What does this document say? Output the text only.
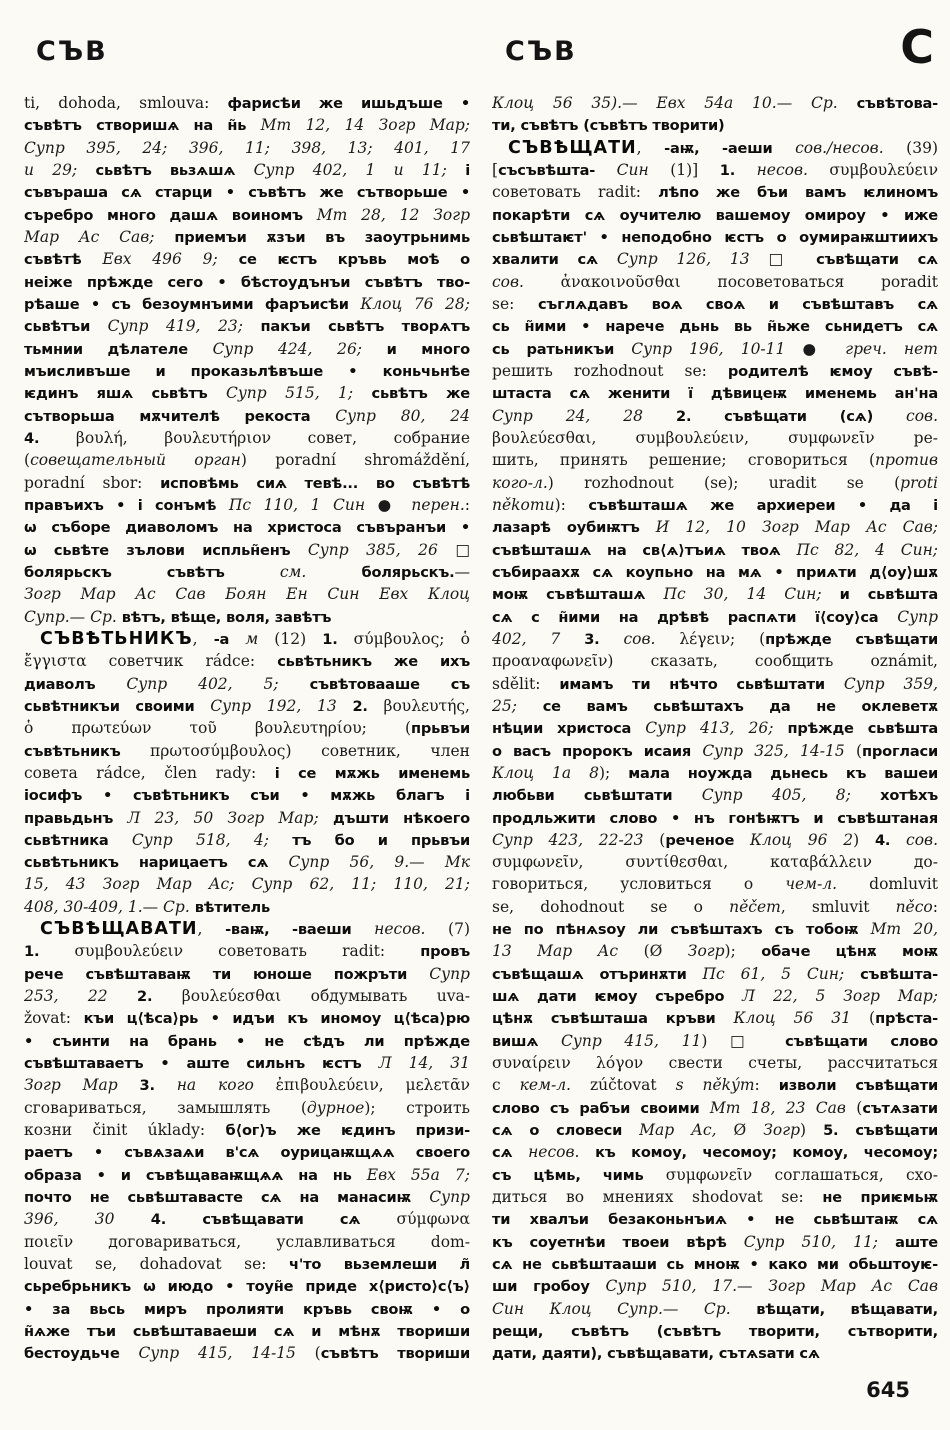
СЪВ	СЪВ	С
ti, dohoda, smlouva: фарисѣи же ишьдъше •
съвѣтъ створишѧ на н̃ь Мт 12, 14 Зогр Мар;
Супр 395, 24; 396, 11; 398, 13; 401, 17
и 29; сьвѣтъ вьзѧшѧ Супр 402, 1 и 11; і
съвъраша сѧ старци • съвѣтъ же сътворьше •
съребро много дашѧ воиномъ Мт 28, 12 Зогр
Мар Ас Сав; приемъи ѫзъи въ заоутрьнимь
съвѣтѣ Евх 496 9; се ѥстъ кръвь моѣ о
неіже прѣжде сего • бѣстоудънъи съвѣтъ тво-
рѣаше • съ безоумнъими фаръисѣи Клоц 76 28;
сьвѣтъи Супр 419, 23; пакъи сьвѣтъ творѧтъ
тьмнии дѣлателе Супр 424, 26; и много
мъисливъше и проказьлѣвъше • коньчьнѣе
ѥдинъ яшѧ сьвѣтъ Супр 515, 1; сьвѣтъ же
сътворьша мѫчителѣ рекоста Супр 80, 24
4. βουλή, βουλευτήριον совет, собрание
(совещательный орган) poradní shromáždění,
poradní sbor: исповѣмь сиѧ тевѣ... во съвѣтѣ
правъихъ • і сонъмѣ Пс 110, 1 Син ● перен.:
ѡ съборе диаволомъ на христоса съвъранъи •
ѡ сьвѣте зълови испльн̃енъ Супр 385, 26 □
болярьскъ съвѣтъ	см.	болярьскъ.—
Зогр Мар Ас Сав Боян Ен Син Евх Клоц
Супр.— Ср. вѣтъ, вѣще, воля, завѣтъ
СЪВѢТЬНИКЪ, -а м (12) 1. σύμβουλος; ὁ
ἔγγιστα советчик rádce: сьвѣтьникъ же ихъ
диаволъ Супр 402, 5; съвѣтовааше съ
сьвѣтникъи своими Супр 192, 13 2. βουλευτής,
ὁ πρωτεύων τοῦ βουλευτηρίου; (прьвъи
съвѣтьникъ πρωτοσύμβουλος) советник, член
совета rádce, člen rady: і се мѫжь именемь
іосифъ • съвѣтьникъ съи • мѫжь благъ і
правьдьнъ Л 23, 50 Зогр Мар; дъшти нѣкоего
сьвѣтника Супр 518, 4; тъ бо и прьвъи
сьвѣтьникъ нарицаетъ сѧ Супр 56, 9.— Мк
15, 43 Зогр Мар Ас; Супр 62, 11; 110, 21;
408, 30-409, 1.— Ср. вѣтитель
СЪВѢЩАВАТИ, -ваѭ, -ваеши несов. (7)
1. συμβουλεύειν советовать radit: провъ
рече съвѣштаваѭ ти юноше пожръти Супр
253, 22 2. βουλεύεσθαι обдумывать uva-
žovat: къи ц⟨ѣса⟩рь • идъи къ иномоу ц⟨ѣса⟩рю
• съинти на брань • не сѣдъ ли прѣжде
съвѣштаваетъ • аште сильнъ ѥстъ Л 14, 31
Зогр Мар 3. на кого ἐπιβουλεύειν, μελετᾶν
сговариваться, замышлять (дурное); строить
козни činit úklady: б⟨ог⟩ъ же ѥдинъ призи-
раетъ • съвѧзаѧи в'сѧ оурицаѭщѧѧ своего
образа • и съвѣщаваѭщѧѧ на нь Евх 55а 7;
почто не сьвѣштавасте сѧ на манасиѭ Супр
396, 30 4. съвѣщавати сѧ σύμφωνα
ποιεῖν договариваться, уславливаться dom-
louvat se, dohadovat se: ч'то вьземлеши л̃
сьребрьникъ ѡ июдо • тоун̃е приде х⟨ристо⟩с⟨ъ⟩
• за вьсь миръ пролияти кръвь своѭ • о
н̃ѧже тъи сьвѣштаваеши сѧ и мѣнѫ твориши
бестоудьче Супр 415, 14-15 (съвѣтъ твориши
Клоц 56 35).— Евх 54а 10.— Ср. съвѣтова-
ти, съвѣтъ (съвѣтъ творити)
СЪВѢЩАТИ, -аѭ, -аеши сов./несов. (39)
[съсъвѣшта- Син (1)] 1. несов. συμβουλεύειν
советовать radit: лѣпо же бъи вамъ ѥлиномъ
покарѣти сѧ оучителю вашемоу омироу • иже
сьвѣштаѥт' • неподобно ѥстъ о оумираѭштиихъ
хвалити сѧ Супр 126, 13 □ съвѣщати сѧ
сов. ἀνακοινοῦσθαι посоветоваться poradit
se: съглѧдавъ воѧ своѧ и съвѣштавъ сѧ
сь н̃ими • нарече дьнь вь н̃ьже сьнидетъ сѧ
сь ратьникъи Супр 196, 10-11 ● греч. нет
решить rozhodnout se: родителѣ ѥмоу съвѣ-
штаста сѧ женити ї дѣвицеѭ именемь ан'на
Супр 24, 28 2. съвѣщати (сѧ) сов.
βουλεύεσθαι, συμβουλεύειν, συμφωνεῖν ре-
шить, принять решение; сговориться (против
кого-л.) rozhodnout (se); uradit se (proti
někomu): съвѣшташѧ же архиереи • да і
лазарѣ оубиѭтъ И 12, 10 Зогр Мар Ас Сав;
съвѣшташѧ на св⟨ѧ⟩тъиѧ твоѧ Пс 82, 4 Син;
събираахѫ сѧ коупьно на мѧ • приѧти д⟨оу⟩шѫ
моѭ съвѣшташѧ Пс 30, 14 Син; и сьвѣшта
сѧ с н̃ими на дрѣвѣ распѧти ї⟨соу⟩са Супр
402, 7 3. сов. λέγειν; (прѣжде съвѣщати
προαναφωνεῖν) сказать, сообщить oznámit,
sdělit: имамъ ти нѣчто сьвѣштати Супр 359,
25; се вамъ сьвѣштахъ да не оклеветѫ
нѣции христоса Супр 413, 26; прѣжде сьвѣшта
о васъ пророкъ исаия Супр 325, 14-15 (прогласи
Клоц 1а 8); мала ноужда дьнесь къ вашеи
любьви сьвѣштати Супр 405, 8; хотѣхъ
продльжити слово • нъ гонѣѭтъ и съвѣштаная
Супр 423, 22-23 (реченое Клоц 96 2) 4. сов.
συμφωνεῖν, συντίθεσθαι, καταβάλλειν до-
говориться, условиться о чем-л. domluvit
se, dohodnout se o něčem, smluvit něco:
не по пѣнѧѕоу ли съвѣштахъ съ тобоѭ Мт 20,
13 Мар Ас (Ø Зогр); обаче цѣнѫ моѭ
съвѣщашѧ отъринѫти Пс 61, 5 Син; съвѣшта-
шѧ дати ѥмоу съребро Л 22, 5 Зогр Мар;
цѣнѫ съвѣшташа кръви Клоц 56 31 (прѣста-
вишѧ Супр 415, 11) □ съвѣщати слово
συναίρειν λόγον свести счеты, рассчитаться
с кем-л. zúčtovat s někým: изволи съвѣщати
слово съ рабъи своими Мт 18, 23 Сав (сътѧзати
сѧ о словеси Мар Ас, Ø Зогр) 5. съвѣщати
сѧ несов. къ комоу, чесомоу; комоу, чесомоу;
съ цѣмь, чимь συμφωνεῖν соглашаться, схо-
диться во мнениях shodovat se: не приѥмьѭ
ти хвалъи безаконьнъиѧ • не сьвѣштаѭ сѧ
къ соуетнѣи твоеи вѣрѣ Супр 510, 11; аште
сѧ не сьвѣштааши сь мноѭ • како ми обьштоуѥ-
ши гробоу Супр 510, 17.— Зогр Мар Ас Сав
Син Клоц Супр.— Ср. вѣщати, вѣщавати,
рещи, съвѣтъ (съвѣтъ творити, сътворити,
дати, даяти), съвѣщавати, сътѧѕати сѧ
645
